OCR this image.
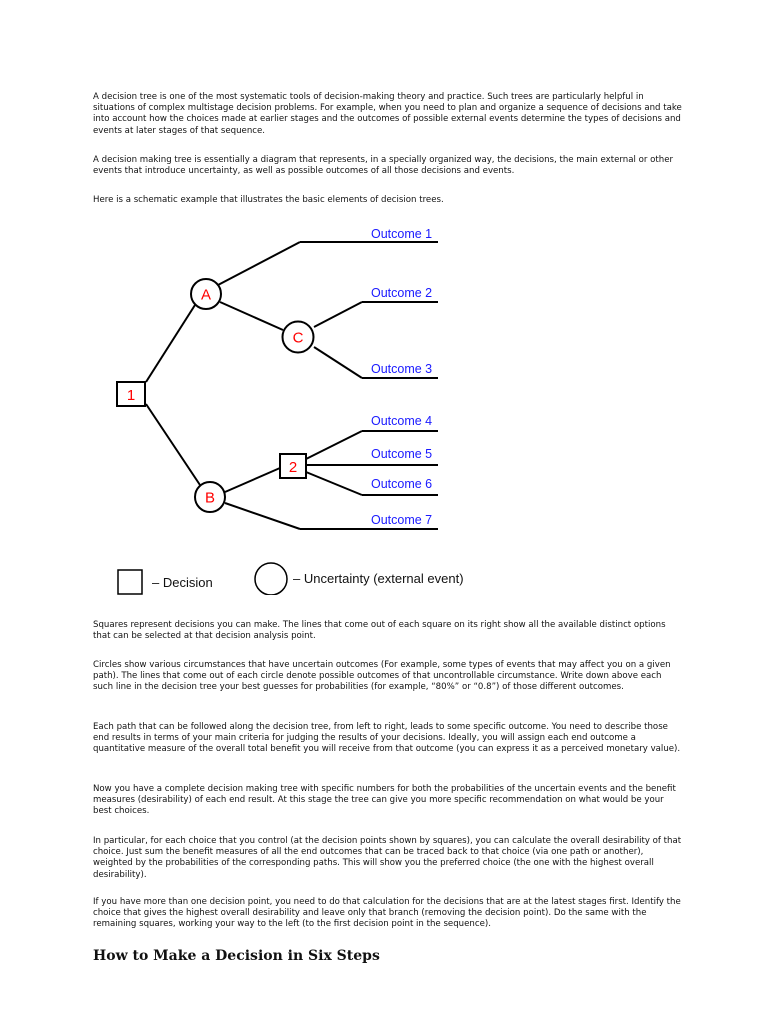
A decision tree is one of the most systematic tools of decision-making theory and practice. Such trees are particularly helpful in situations of complex multistage decision problems. For example, when you need to plan and organize a sequence of decisions and take into account how the choices made at earlier stages and the outcomes of possible external events determine the types of decisions and events at later stages of that sequence.

A decision making tree is essentially a diagram that represents, in a specially organized way, the decisions, the main external or other events that introduce uncertainty, as well as possible outcomes of all those decisions and events.

Here is a schematic example that illustrates the basic elements of decision trees.

1
A
C
B
2
Outcome 1
Outcome 2
Outcome 3
Outcome 4
Outcome 5
Outcome 6
Outcome 7
– Decision	– Uncertainty (external event)

Squares represent decisions you can make. The lines that come out of each square on its right show all the available distinct options that can be selected at that decision analysis point.

Circles show various circumstances that have uncertain outcomes (For example, some types of events that may affect you on a given path). The lines that come out of each circle denote possible outcomes of that uncontrollable circumstance. Write down above each such line in the decision tree your best guesses for probabilities (for example, “80%” or “0.8”) of those different outcomes.

Each path that can be followed along the decision tree, from left to right, leads to some specific outcome. You need to describe those end results in terms of your main criteria for judging the results of your decisions. Ideally, you will assign each end outcome a quantitative measure of the overall total benefit you will receive from that outcome (you can express it as a perceived monetary value).

Now you have a complete decision making tree with specific numbers for both the probabilities of the uncertain events and the benefit measures (desirability) of each end result. At this stage the tree can give you more specific recommendation on what would be your best choices.

In particular, for each choice that you control (at the decision points shown by squares), you can calculate the overall desirability of that choice. Just sum the benefit measures of all the end outcomes that can be traced back to that choice (via one path or another), weighted by the probabilities of the corresponding paths. This will show you the preferred choice (the one with the highest overall desirability).

If you have more than one decision point, you need to do that calculation for the decisions that are at the latest stages first. Identify the choice that gives the highest overall desirability and leave only that branch (removing the decision point). Do the same with the remaining squares, working your way to the left (to the first decision point in the sequence).

How to Make a Decision in Six Steps
